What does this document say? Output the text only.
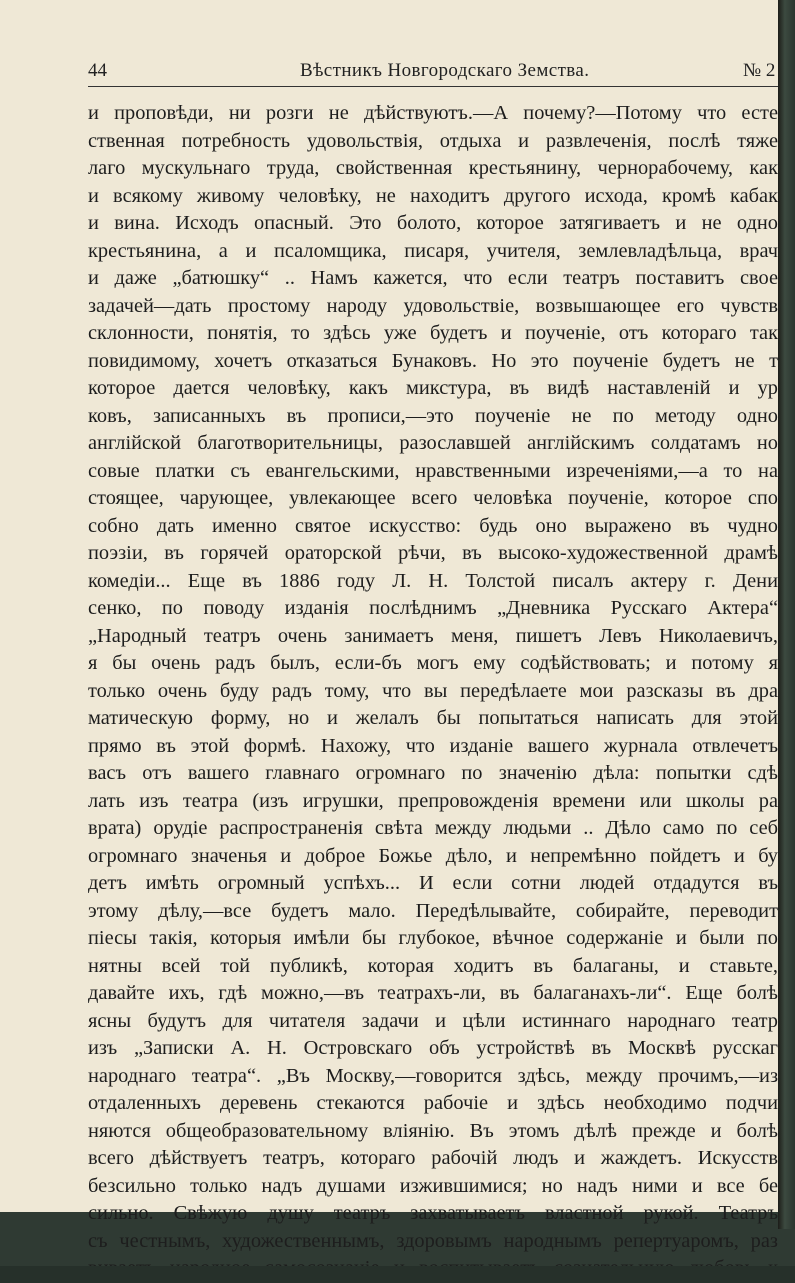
44	Вѣстникъ Новгородскаго Земства.	№ 2
и проповѣди, ни розги не дѣйствуютъ.—А почему?—Потому что есте
ственная потребность удовольствія, отдыха и развлеченія, послѣ тяже
лаго мускульнаго труда, свойственная крестьянину, чернорабочему, как
и всякому живому человѣку, не находитъ другого исхода, кромѣ кабак
и вина. Исходъ опасный. Это болото, которое затягиваетъ и не одно
крестьянина, а и псаломщика, писаря, учителя, землевладѣльца, врач
и даже „батюшку“ .. Намъ кажется, что если театръ поставитъ свое
задачей—дать простому народу удовольствіе, возвышающее его чувств
склонности, понятія, то здѣсь уже будетъ и поученіе, отъ котораго так
повидимому, хочетъ отказаться Бунаковъ. Но это поученіе будетъ не т
которое дается человѣку, какъ микстура, въ видѣ наставленій и ур
ковъ, записанныхъ въ прописи,—это поученіе не по методу одно
англійской благотворительницы, разославшей англійскимъ солдатамъ но
совые платки съ евангельскими, нравственными изреченіями,—а то на
стоящее, чарующее, увлекающее всего человѣка поученіе, которое спо
собно дать именно святое искусство: будь оно выражено въ чудно
поэзіи, въ горячей ораторской рѣчи, въ высоко-художественной драмѣ
комедіи... Еще въ 1886 году Л. Н. Толстой писалъ актеру г. Дени
сенко, по поводу изданія послѣднимъ „Дневника Русскаго Актера“
„Народный театръ очень занимаетъ меня, пишетъ Левъ Николаевичъ,
я бы очень радъ былъ, если-бъ могъ ему содѣйствовать; и потому я
только очень буду радъ тому, что вы передѣлаете мои разсказы въ дра
матическую форму, но и желалъ бы попытаться написать для этой
прямо въ этой формѣ. Нахожу, что изданіе вашего журнала отвлечетъ
васъ отъ вашего главнаго огромнаго по значенію дѣла: попытки сдѣ
лать изъ театра (изъ игрушки, препровожденія времени или школы ра
врата) орудіе распространенія свѣта между людьми .. Дѣло само по себ
огромнаго значенья и доброе Божье дѣло, и непремѣнно пойдетъ и бу
детъ имѣть огромный успѣхъ... И если сотни людей отдадутся въ
этому дѣлу,—все будетъ мало. Передѣлывайте, собирайте, переводит
піесы такія, которыя имѣли бы глубокое, вѣчное содержаніе и были по
нятны всей той публикѣ, которая ходитъ въ балаганы, и ставьте,
давайте ихъ, гдѣ можно,—въ театрахъ-ли, въ балаганахъ-ли“. Еще болѣ
ясны будутъ для читателя задачи и цѣли истиннаго народнаго театр
изъ „Записки А. Н. Островскаго объ устройствѣ въ Москвѣ русскаг
народнаго театра“. „Въ Москву,—говорится здѣсь, между прочимъ,—из
отдаленныхъ деревень стекаются рабочіе и здѣсь необходимо подчи
няются общеобразовательному вліянію. Въ этомъ дѣлѣ прежде и болѣ
всего дѣйствуетъ театръ, котораго рабочій людъ и жаждетъ. Искусств
безсильно только надъ душами изжившимися; но надъ ними и все бе
сильно. Свѣжую душу театръ захватываетъ властной рукой. Театръ
съ честнымъ, художественнымъ, здоровымъ народнымъ репертуаромъ, раз
